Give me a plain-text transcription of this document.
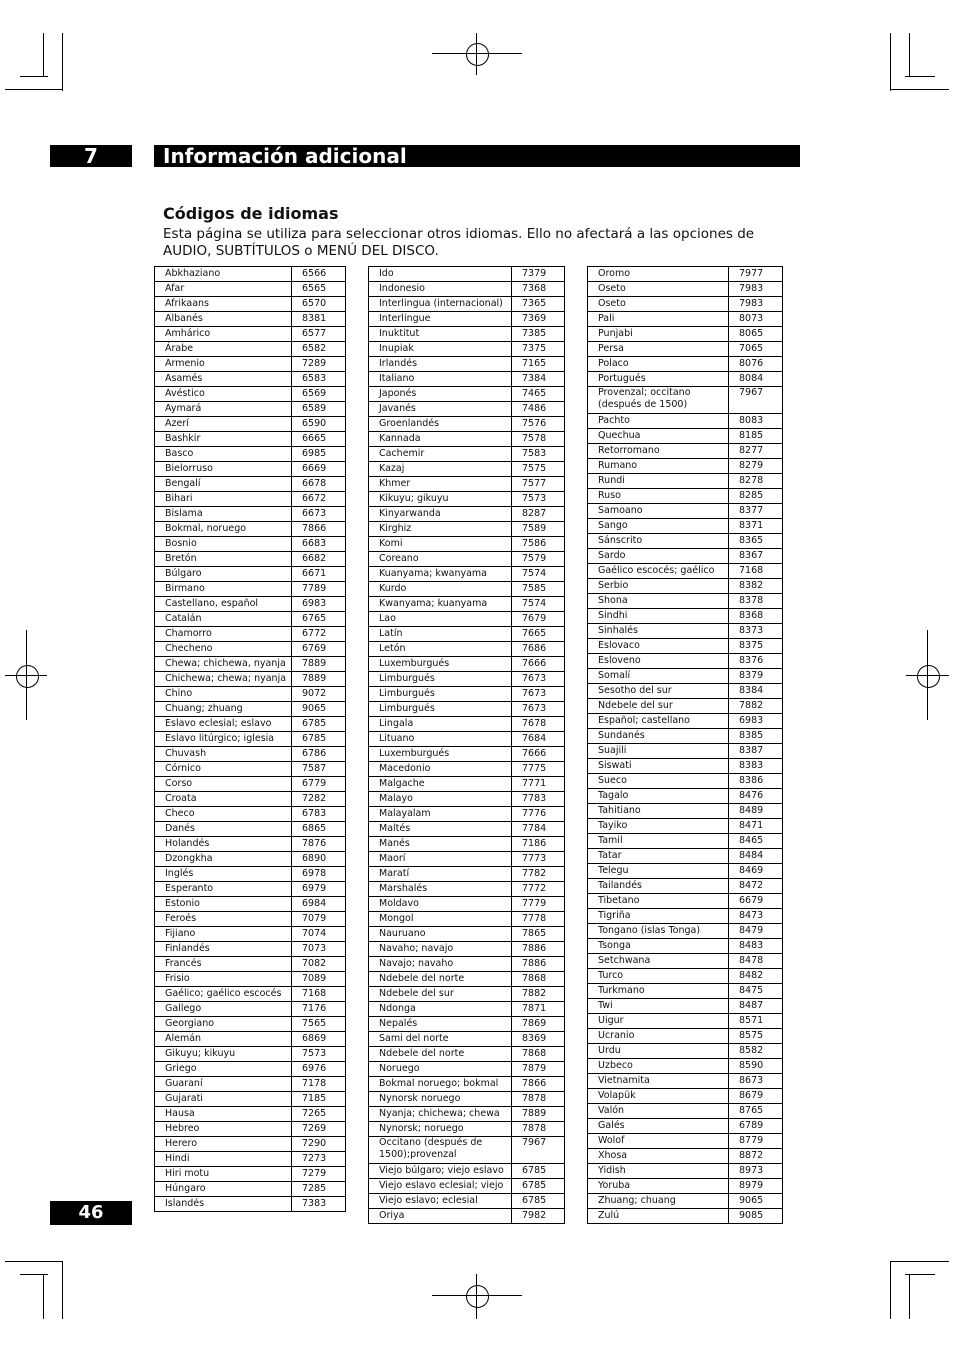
7	Información adicional
Códigos de idiomas
Esta página se utiliza para seleccionar otros idiomas. Ello no afectará a las opciones de AUDIO, SUBTÍTULOS o MENÚ DEL DISCO.
Abkhaziano	6566
Afar	6565
Afrikaans	6570
Albanés	8381
Amhárico	6577
Árabe	6582
Armenio	7289
Asamés	6583
Avéstico	6569
Aymará	6589
Azerí	6590
Bashkir	6665
Basco	6985
Bielorruso	6669
Bengalí	6678
Bihari	6672
Bislama	6673
Bokmal, noruego	7866
Bosnio	6683
Bretón	6682
Búlgaro	6671
Birmano	7789
Castellano, español	6983
Catalán	6765
Chamorro	6772
Checheno	6769
Chewa; chichewa, nyanja	7889
Chichewa; chewa; nyanja	7889
Chino	9072
Chuang; zhuang	9065
Eslavo eclesial; eslavo	6785
Eslavo litúrgico; iglesia	6785
Chuvash	6786
Córnico	7587
Corso	6779
Croata	7282
Checo	6783
Danés	6865
Holandés	7876
Dzongkha	6890
Inglés	6978
Esperanto	6979
Estonio	6984
Feroés	7079
Fijiano	7074
Finlandés	7073
Francés	7082
Frisio	7089
Gaélico; gaélico escocés	7168
Gallego	7176
Georgiano	7565
Alemán	6869
Gikuyu; kikuyu	7573
Griego	6976
Guaraní	7178
Gujarati	7185
Hausa	7265
Hebreo	7269
Herero	7290
Hindi	7273
Hiri motu	7279
Húngaro	7285
Islandés	7383
Ido	7379
Indonesio	7368
Interlingua (internacional)	7365
Interlingue	7369
Inuktitut	7385
Inupiak	7375
Irlandés	7165
Italiano	7384
Japonés	7465
Javanés	7486
Groenlandés	7576
Kannada	7578
Cachemir	7583
Kazaj	7575
Khmer	7577
Kikuyu; gikuyu	7573
Kinyarwanda	8287
Kirghiz	7589
Komi	7586
Coreano	7579
Kuanyama; kwanyama	7574
Kurdo	7585
Kwanyama; kuanyama	7574
Lao	7679
Latín	7665
Letón	7686
Luxemburgués	7666
Limburgués	7673
Limburgués	7673
Limburgués	7673
Lingala	7678
Lituano	7684
Luxemburgués	7666
Macedonio	7775
Malgache	7771
Malayo	7783
Malayalam	7776
Maltés	7784
Manés	7186
Maorí	7773
Maratí	7782
Marshalés	7772
Moldavo	7779
Mongol	7778
Nauruano	7865
Navaho; navajo	7886
Navajo; navaho	7886
Ndebele del norte	7868
Ndebele del sur	7882
Ndonga	7871
Nepalés	7869
Sami del norte	8369
Ndebele del norte	7868
Noruego	7879
Bokmal noruego; bokmal	7866
Nynorsk noruego	7878
Nyanja; chichewa; chewa	7889
Nynorsk; noruego	7878
Occitano (después de 1500);provenzal	7967
Viejo búlgaro; viejo eslavo	6785
Viejo eslavo eclesial; viejo	6785
Viejo eslavo; eclesial	6785
Oriya	7982
Oromo	7977
Oseto	7983
Oseto	7983
Pali	8073
Punjabi	8065
Persa	7065
Polaco	8076
Portugués	8084
Provenzal; occitano (después de 1500)	7967
Pachto	8083
Quechua	8185
Retorromano	8277
Rumano	8279
Rundi	8278
Ruso	8285
Samoano	8377
Sango	8371
Sánscrito	8365
Sardo	8367
Gaélico escocés; gaélico	7168
Serbio	8382
Shona	8378
Sindhi	8368
Sinhalés	8373
Eslovaco	8375
Esloveno	8376
Somalí	8379
Sesotho del sur	8384
Ndebele del sur	7882
Español; castellano	6983
Sundanés	8385
Suajili	8387
Siswati	8383
Sueco	8386
Tagalo	8476
Tahitiano	8489
Tayiko	8471
Tamil	8465
Tatar	8484
Telegu	8469
Tailandés	8472
Tibetano	6679
Tigriña	8473
Tongano (islas Tonga)	8479
Tsonga	8483
Setchwana	8478
Turco	8482
Turkmano	8475
Twi	8487
Uigur	8571
Ucranio	8575
Urdu	8582
Uzbeco	8590
Vietnamita	8673
Volapük	8679
Valón	8765
Galés	6789
Wolof	8779
Xhosa	8872
Yidish	8973
Yoruba	8979
Zhuang; chuang	9065
Zulú	9085
46
